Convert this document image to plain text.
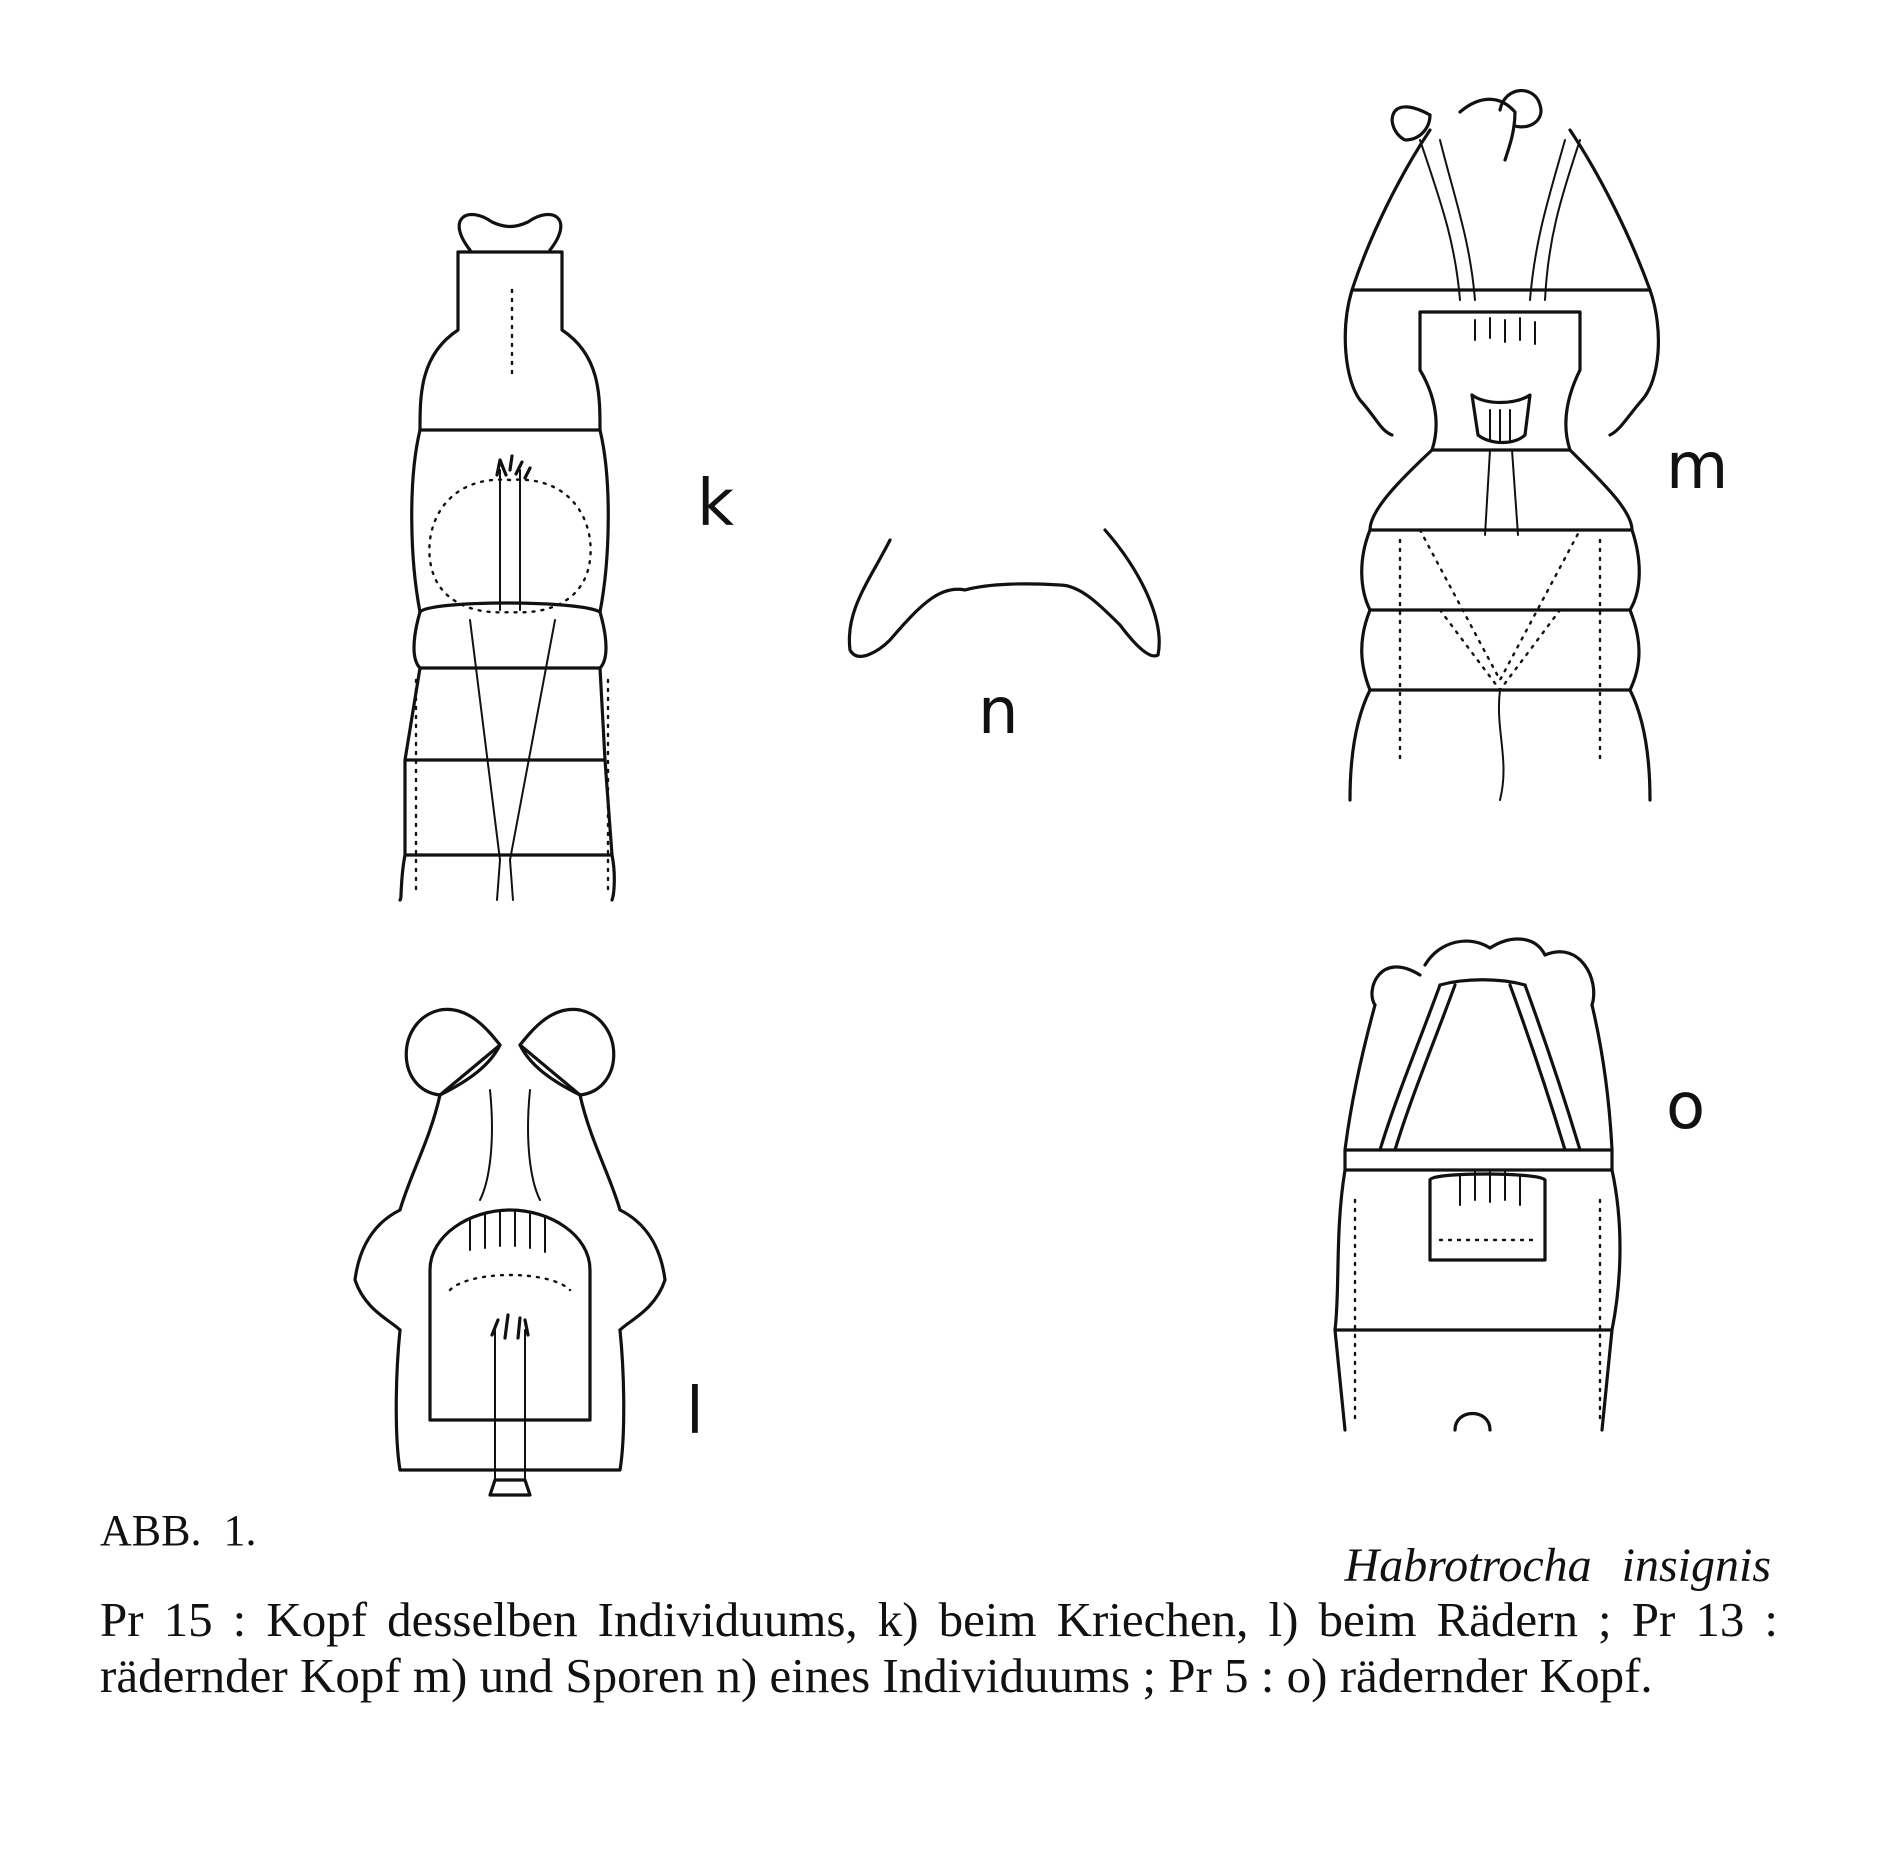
k
n
m
l
o
ABB. 1.
Habrotrocha insignis
Pr 15 : Kopf desselben Individuums, k) beim Kriechen, l) beim Rädern ; Pr 13 : rädernder Kopf m) und Sporen n) eines Individuums ; Pr 5 : o) rädernder Kopf.
